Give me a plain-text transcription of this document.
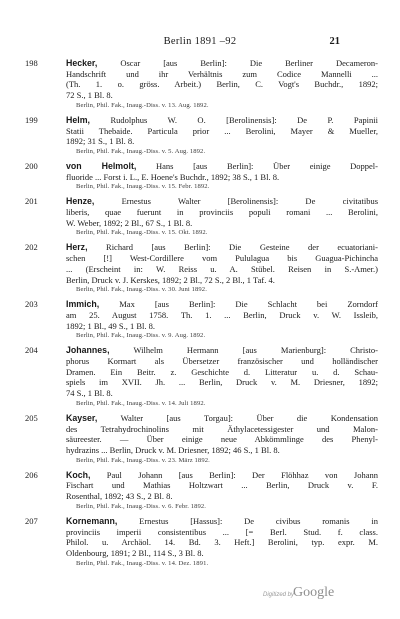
Berlin 1891 –92	21
198	Hecker,	Oscar [aus Berlin]: Die Berliner Decameron-
Handschrift und ihr Verhältnis zum Codice Mannelli ...
(Th. 1. o. gröss. Arbeit.) Berlin, C. Vogt's Buchdr., 1892;
72 S., 1 Bl. 8.
Berlin, Phil. Fak., Inaug.-Diss. v. 13. Aug. 1892.
199	Helm, Rudolphus W. O. [Berolinensis]: De P. Papinii
Statii Thebaide. Particula prior ... Berolini, Mayer & Mueller,
1892; 31 S., 1 Bl. 8.
Berlin, Phil. Fak., Inaug.-Diss. v. 5. Aug. 1892.
200	von Helmolt, Hans [aus Berlin]: Über einige Doppel-
fluoride ... Forst i. L., E. Hoene's Buchdr., 1892; 38 S., 1 Bl. 8.
Berlin, Phil. Fak., Inaug.-Diss. v. 15. Febr. 1892.
201	Henze,	Ernestus Walter [Berolinensis]: De civitatibus
liberis, quae fuerunt in provinciis populi romani ... Berolini,
W. Weber, 1892; 2 Bl., 67 S., 1 Bl. 8.
Berlin, Phil. Fak., Inaug.-Diss. v. 15. Okt. 1892.
202	Herz, Richard [aus Berlin]: Die Gesteine der ecuatoriani-
schen [!] West-Cordillere vom Pululagua bis Guagua-Pichincha
... (Erscheint in: W. Reiss u. A. Stübel. Reisen in S.-Amer.)
Berlin, Druck v. J. Kerskes, 1892; 2 Bl., 72 S., 2 Bl., 1 Taf. 4.
Berlin, Phil. Fak., Inaug.-Diss. v. 30. Juni 1892.
203	Immich, Max [aus Berlin]: Die Schlacht bei Zorndorf
am 25. August 1758. Th. 1. ... Berlin, Druck v. W. Issleib,
1892; 1 Bl., 49 S., 1 Bl. 8.
Berlin, Phil. Fak., Inaug.-Diss. v. 9. Aug. 1892.
204	Johannes,	Wilhelm Hermann [aus Marienburg]: Christo-
phorus Kormart als Übersetzer französischer und holländischer
Dramen. Ein Beitr. z. Geschichte d. Litteratur u. d. Schau-
spiels im XVII. Jh. ... Berlin, Druck v. M. Driesner, 1892;
74 S., 1 Bl. 8.
Berlin, Phil. Fak., Inaug.-Diss. v. 14. Juli 1892.
205	Kayser,	Walter [aus Torgau]: Über die Kondensation
des Tetrahydrochinolins mit Äthylacetessigester und Malon-
säureester. — Über einige neue Abkömmlinge des Phenyl-
hydrazins ... Berlin, Druck v. M. Driesner, 1892; 46 S., 1 Bl. 8.
Berlin, Phil. Fak., Inaug.-Diss. v. 23. März 1892.
206	Koch, Paul Johann [aus Berlin]: Der Flöhhaz von Johann
Fischart und Mathias Holtzwart ... Berlin, Druck v. F.
Rosenthal, 1892; 43 S., 2 Bl. 8.
Berlin, Phil. Fak., Inaug.-Diss. v. 6. Febr. 1892.
207	Kornemann,	Ernestus [Hassus]: De civibus romanis in
provinciis imperii consistentibus ... [= Berl. Stud. f. class.
Philol. u. Archäol. 14. Bd. 3. Heft.] Berolini, typ. expr. M.
Oldenbourg, 1891; 2 Bl., 114 S., 3 Bl. 8.
Berlin, Phil. Fak., Inaug.-Diss. v. 14. Dez. 1891.
Digitized by
Google
